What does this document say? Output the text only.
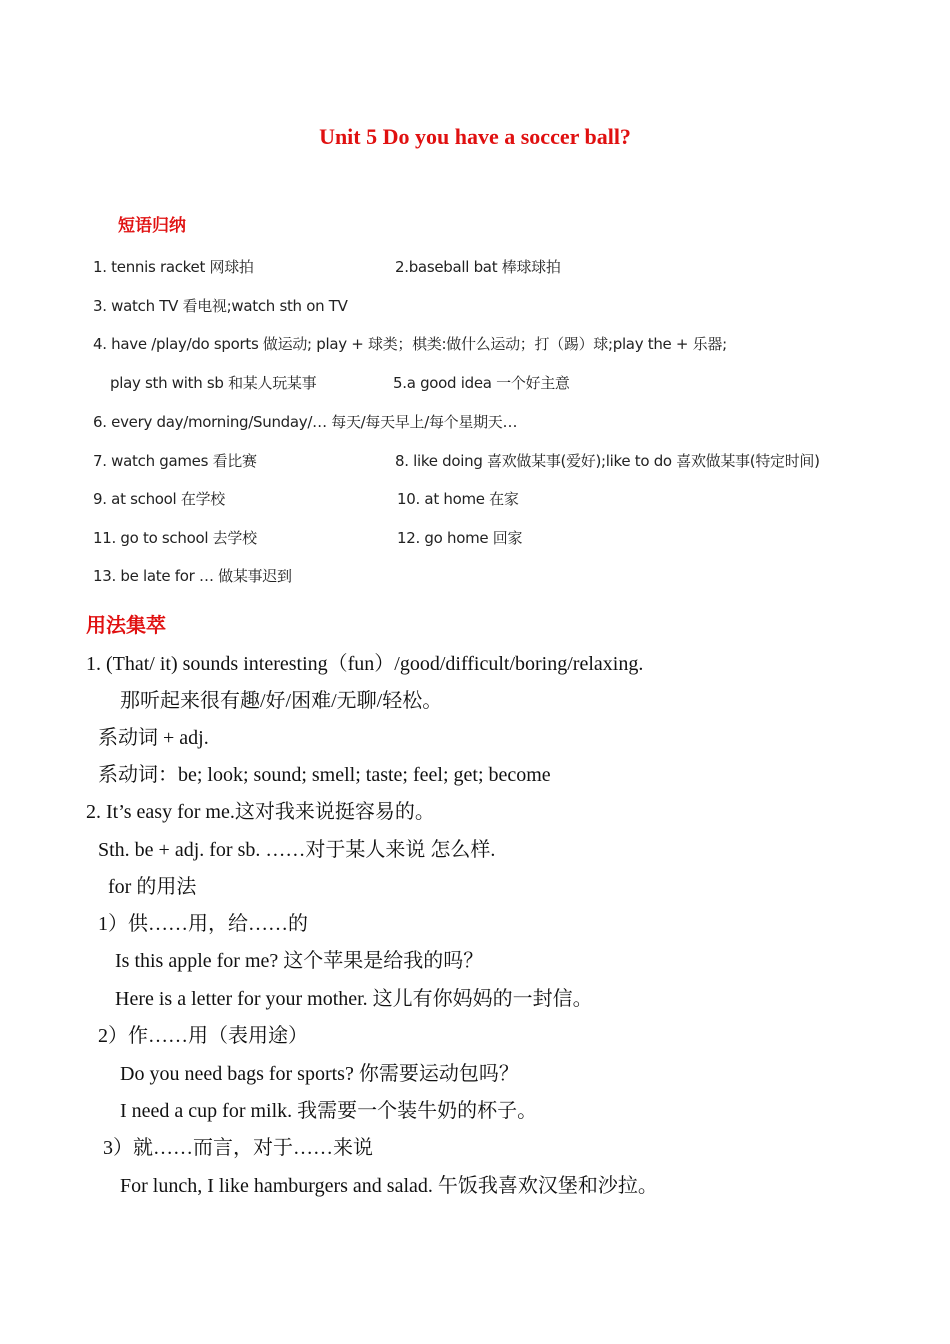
Unit 5 Do you have a soccer ball?
短语归纳
1. tennis racket 网球拍	2.baseball bat 棒球球拍
3. watch TV 看电视;watch sth on TV
4. have /play/do sports 做运动; play + 球类；棋类:做什么运动；打（踢）球;play the + 乐器;
play sth with sb 和某人玩某事	5.a good idea 一个好主意
6. every day/morning/Sunday/… 每天/每天早上/每个星期天…
7. watch games 看比赛	8. like doing 喜欢做某事(爱好);like to do 喜欢做某事(特定时间)
9. at school 在学校	10. at home 在家
11. go to school 去学校	12. go home 回家
13. be late for … 做某事迟到
用法集萃
1. (That/ it) sounds interesting（fun）/good/difficult/boring/relaxing.
那听起来很有趣/好/困难/无聊/轻松。
系动词 + adj.
系动词：be; look; sound; smell; taste; feel; get; become
2. It’s easy for me.这对我来说挺容易的。
Sth. be + adj. for sb. ……对于某人来说 怎么样.
for 的用法
1）供……用，给……的
Is this apple for me? 这个苹果是给我的吗？
Here is a letter for your mother. 这儿有你妈妈的一封信。
2）作……用（表用途）
Do you need bags for sports? 你需要运动包吗？
I need a cup for milk. 我需要一个装牛奶的杯子。
3）就……而言，对于……来说
For lunch, I like hamburgers and salad. 午饭我喜欢汉堡和沙拉。
